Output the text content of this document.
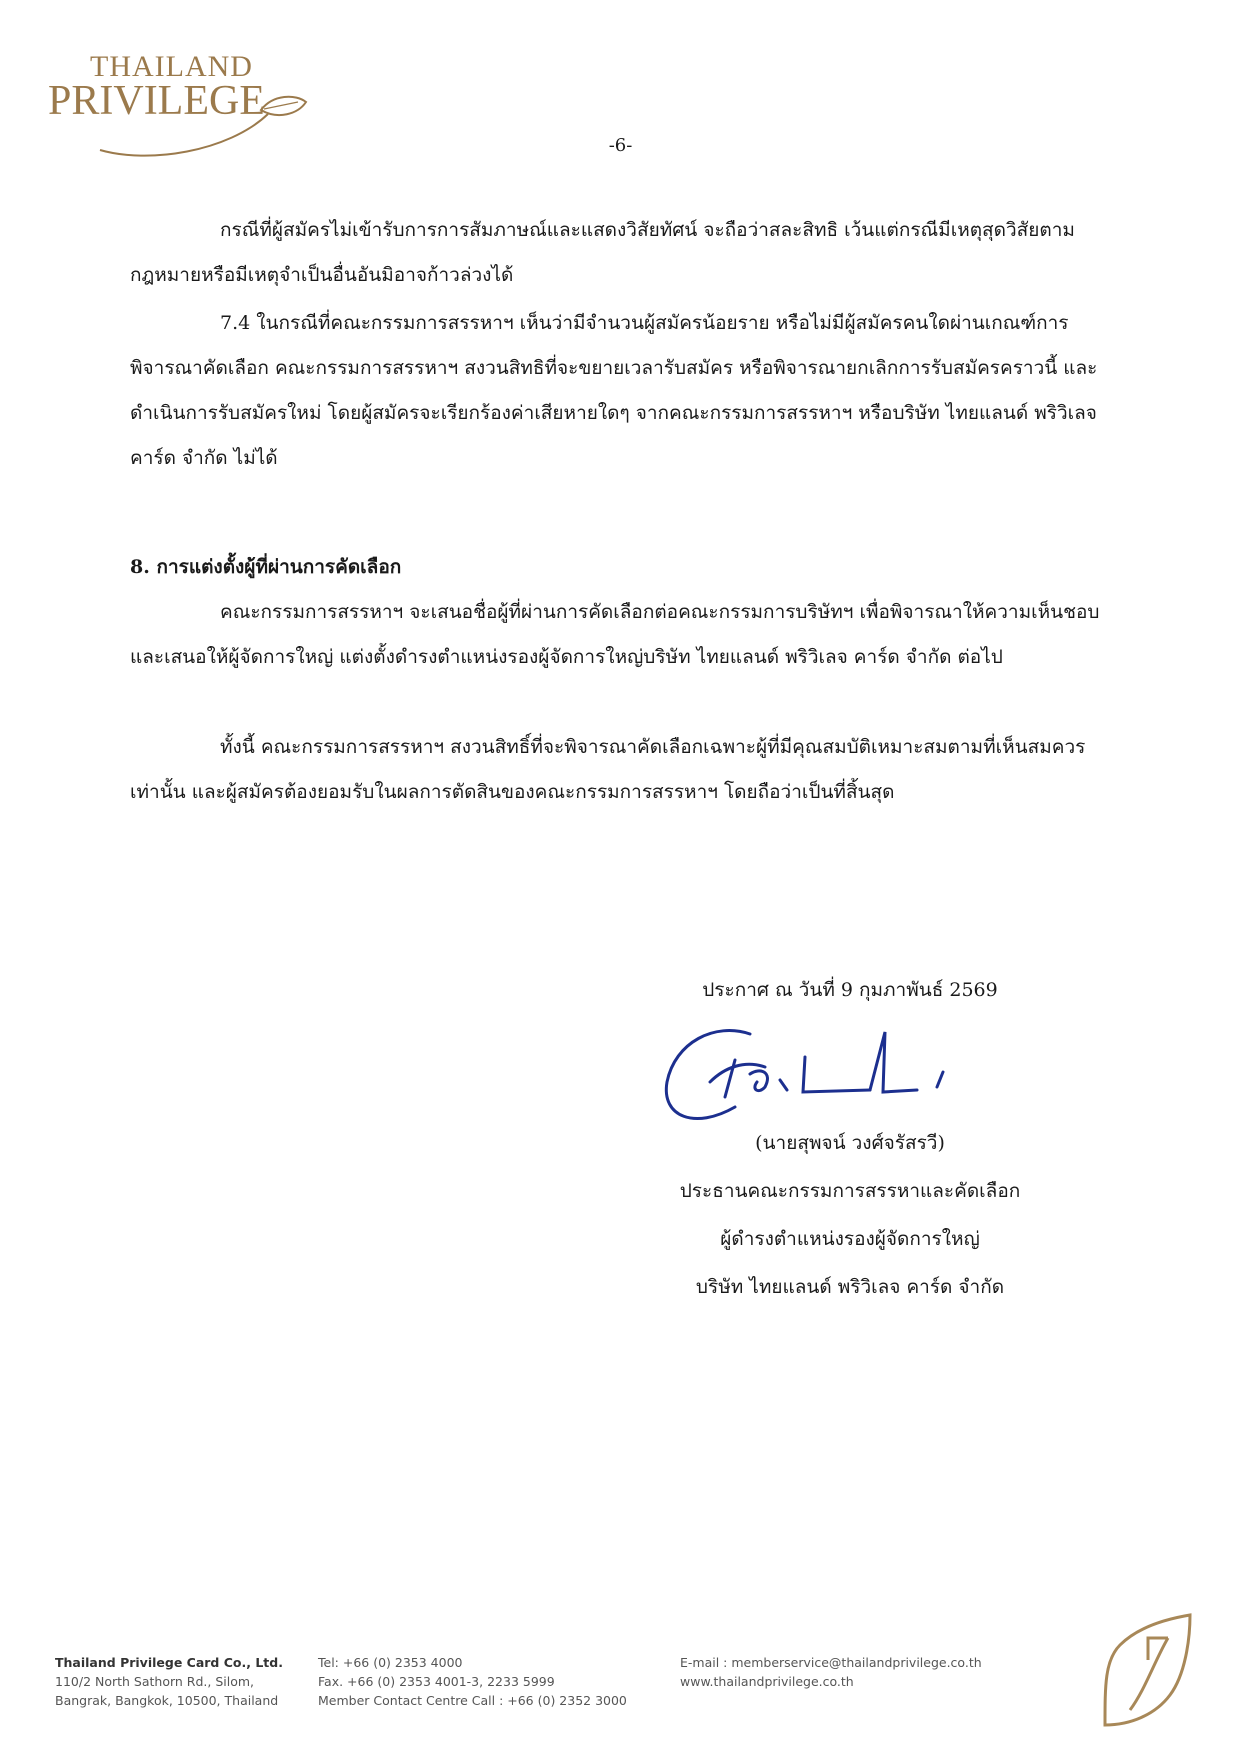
THAILAND
PRIVILEGE
-6-

กรณีที่ผู้สมัครไม่เข้ารับการการสัมภาษณ์และแสดงวิสัยทัศน์ จะถือว่าสละสิทธิ เว้นแต่กรณีมีเหตุสุดวิสัยตามกฎหมายหรือมีเหตุจำเป็นอื่นอันมิอาจก้าวล่วงได้

7.4 ในกรณีที่คณะกรรมการสรรหาฯ เห็นว่ามีจำนวนผู้สมัครน้อยราย หรือไม่มีผู้สมัครคนใดผ่านเกณฑ์การพิจารณาคัดเลือก คณะกรรมการสรรหาฯ สงวนสิทธิที่จะขยายเวลารับสมัคร หรือพิจารณายกเลิกการรับสมัครคราวนี้ และดำเนินการรับสมัครใหม่ โดยผู้สมัครจะเรียกร้องค่าเสียหายใดๆ จากคณะกรรมการสรรหาฯ หรือบริษัท ไทยแลนด์ พริวิเลจ คาร์ด จำกัด ไม่ได้

8. การแต่งตั้งผู้ที่ผ่านการคัดเลือก

คณะกรรมการสรรหาฯ จะเสนอชื่อผู้ที่ผ่านการคัดเลือกต่อคณะกรรมการบริษัทฯ เพื่อพิจารณาให้ความเห็นชอบและเสนอให้ผู้จัดการใหญ่ แต่งตั้งดำรงตำแหน่งรองผู้จัดการใหญ่บริษัท ไทยแลนด์ พริวิเลจ คาร์ด จำกัด ต่อไป

ทั้งนี้ คณะกรรมการสรรหาฯ สงวนสิทธิ์ที่จะพิจารณาคัดเลือกเฉพาะผู้ที่มีคุณสมบัติเหมาะสมตามที่เห็นสมควรเท่านั้น และผู้สมัครต้องยอมรับในผลการตัดสินของคณะกรรมการสรรหาฯ โดยถือว่าเป็นที่สิ้นสุด

ประกาศ ณ วันที่ 9 กุมภาพันธ์ 2569

(นายสุพจน์ วงศ์จรัสรวี)

ประธานคณะกรรมการสรรหาและคัดเลือก

ผู้ดำรงตำแหน่งรองผู้จัดการใหญ่

บริษัท ไทยแลนด์ พริวิเลจ คาร์ด จำกัด

Thailand Privilege Card Co., Ltd.
110/2 North Sathorn Rd., Silom,
Bangrak, Bangkok, 10500, Thailand
Tel: +66 (0) 2353 4000
Fax. +66 (0) 2353 4001-3, 2233 5999
Member Contact Centre Call : +66 (0) 2352 3000
E-mail : memberservice@thailandprivilege.co.th
www.thailandprivilege.co.th
